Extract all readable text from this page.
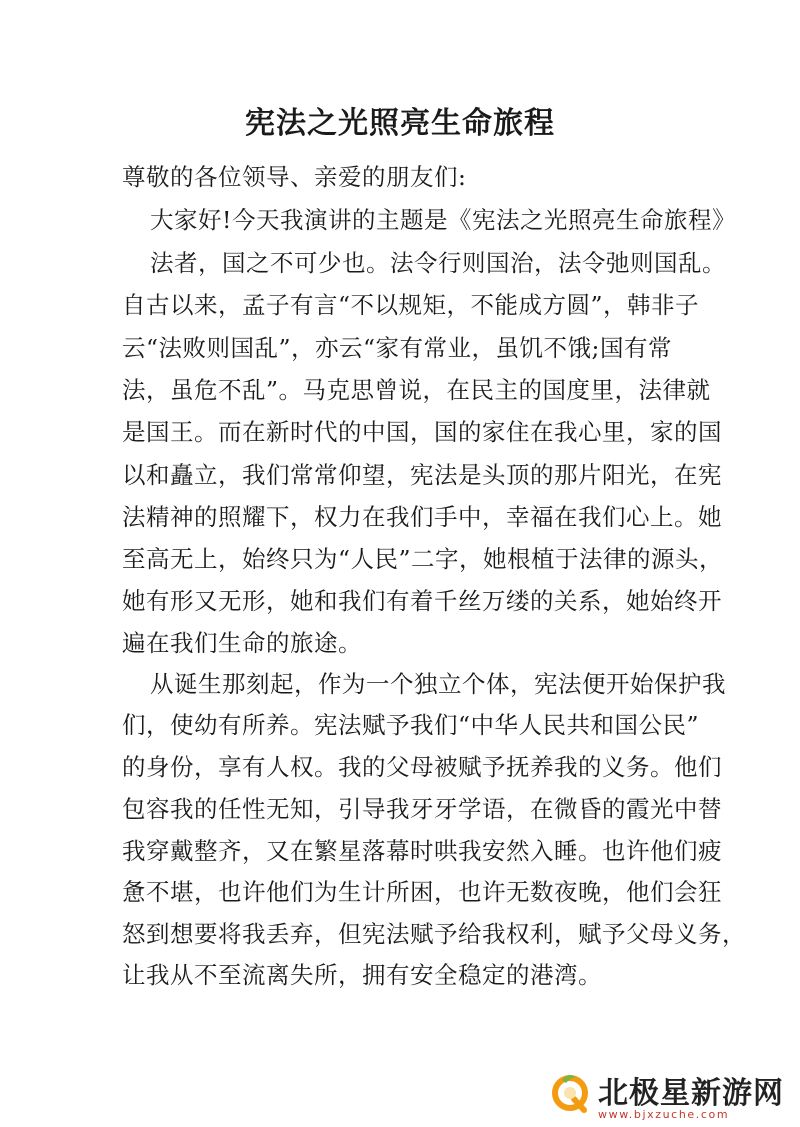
宪法之光照亮生命旅程
尊敬的各位领导、亲爱的朋友们:
大家好!今天我演讲的主题是《宪法之光照亮生命旅程》
法者，国之不可少也。法令行则国治，法令弛则国乱。
自古以来，孟子有言“不以规矩，不能成方圆”，韩非子
云“法败则国乱”，亦云“家有常业，虽饥不饿;国有常
法，虽危不乱”。马克思曾说，在民主的国度里，法律就
是国王。而在新时代的中国，国的家住在我心里，家的国
以和矗立，我们常常仰望，宪法是头顶的那片阳光，在宪
法精神的照耀下，权力在我们手中，幸福在我们心上。她
至高无上，始终只为“人民”二字，她根植于法律的源头，
她有形又无形，她和我们有着千丝万缕的关系，她始终开
遍在我们生命的旅途。
从诞生那刻起，作为一个独立个体，宪法便开始保护我
们，使幼有所养。宪法赋予我们“中华人民共和国公民”
的身份，享有人权。我的父母被赋予抚养我的义务。他们
包容我的任性无知，引导我牙牙学语，在微昏的霞光中替
我穿戴整齐，又在繁星落幕时哄我安然入睡。也许他们疲
惫不堪，也许他们为生计所困，也许无数夜晚，他们会狂
怒到想要将我丢弃，但宪法赋予给我权利，赋予父母义务，
让我从不至流离失所，拥有安全稳定的港湾。
北极星新游网
www.bjxzuche.com
